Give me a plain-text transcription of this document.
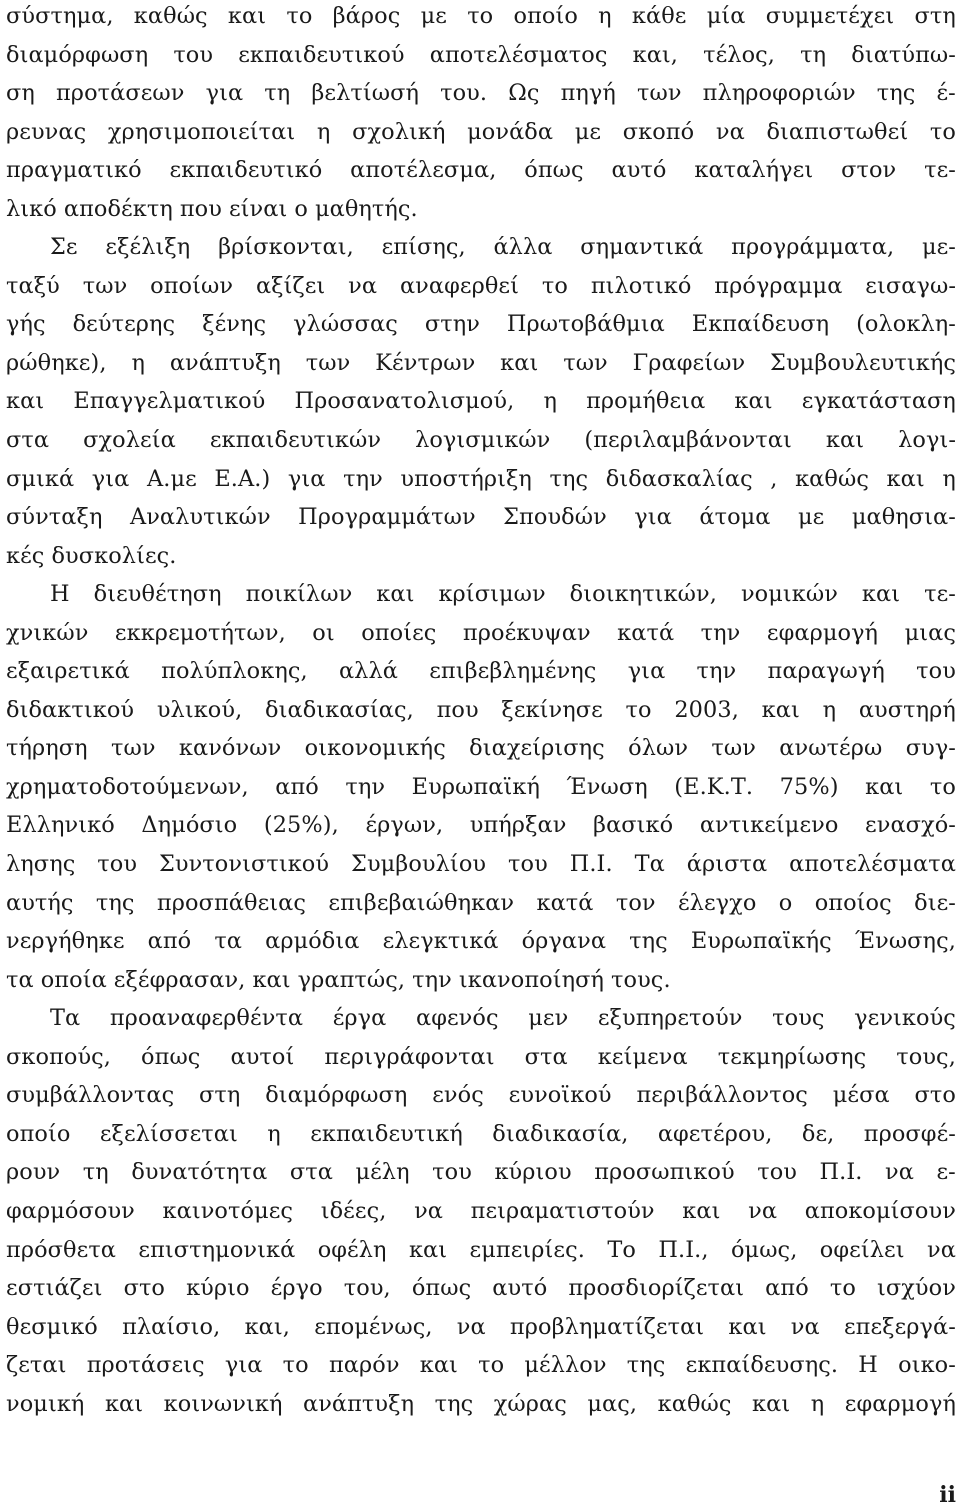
σύστημα, καθώς και το βάρος με το οποίο η κάθε μία συμμετέχει στη
διαμόρφωση του εκπαιδευτικού αποτελέσματος και, τέλος, τη διατύπω-
ση προτάσεων για τη βελτίωσή του. Ως πηγή των πληροφοριών της έ-
ρευνας χρησιμοποιείται η σχολική μονάδα με σκοπό να διαπιστωθεί το
πραγματικό εκπαιδευτικό αποτέλεσμα, όπως αυτό καταλήγει στον τε-
λικό αποδέκτη που είναι ο μαθητής.
Σε εξέλιξη βρίσκονται, επίσης, άλλα σημαντικά προγράμματα, με-
ταξύ των οποίων αξίζει να αναφερθεί το πιλοτικό πρόγραμμα εισαγω-
γής δεύτερης ξένης γλώσσας στην Πρωτοβάθμια Εκπαίδευση (ολοκλη-
ρώθηκε), η ανάπτυξη των Κέντρων και των Γραφείων Συμβουλευτικής
και Επαγγελματικού Προσανατολισμού, η προμήθεια και εγκατάσταση
στα σχολεία εκπαιδευτικών λογισμικών (περιλαμβάνονται και λογι-
σμικά για Α.με Ε.Α.) για την υποστήριξη της διδασκαλίας , καθώς και η
σύνταξη Αναλυτικών Προγραμμάτων Σπουδών για άτομα με μαθησια-
κές δυσκολίες.
Η διευθέτηση ποικίλων και κρίσιμων διοικητικών, νομικών και τε-
χνικών εκκρεμοτήτων, οι οποίες προέκυψαν κατά την εφαρμογή μιας
εξαιρετικά πολύπλοκης, αλλά επιβεβλημένης για την παραγωγή του
διδακτικού υλικού, διαδικασίας, που ξεκίνησε το 2003, και η αυστηρή
τήρηση των κανόνων οικονομικής διαχείρισης όλων των ανωτέρω συγ-
χρηματοδοτούμενων, από την Ευρωπαϊκή Ένωση (Ε.Κ.Τ. 75%) και το
Ελληνικό Δημόσιο (25%), έργων, υπήρξαν βασικό αντικείμενο ενασχό-
λησης του Συντονιστικού Συμβουλίου του Π.Ι. Τα άριστα αποτελέσματα
αυτής της προσπάθειας επιβεβαιώθηκαν κατά τον έλεγχο ο οποίος διε-
νεργήθηκε από τα αρμόδια ελεγκτικά όργανα της Ευρωπαϊκής Ένωσης,
τα οποία εξέφρασαν, και γραπτώς, την ικανοποίησή τους.
Τα προαναφερθέντα έργα αφενός μεν εξυπηρετούν τους γενικούς
σκοπούς, όπως αυτοί περιγράφονται στα κείμενα τεκμηρίωσης τους,
συμβάλλοντας στη διαμόρφωση ενός ευνοϊκού περιβάλλοντος μέσα στο
οποίο εξελίσσεται η εκπαιδευτική διαδικασία, αφετέρου, δε, προσφέ-
ρουν τη δυνατότητα στα μέλη του κύριου προσωπικού του Π.Ι. να ε-
φαρμόσουν καινοτόμες ιδέες, να πειραματιστούν και να αποκομίσουν
πρόσθετα επιστημονικά οφέλη και εμπειρίες. Το Π.Ι., όμως, οφείλει να
εστιάζει στο κύριο έργο του, όπως αυτό προσδιορίζεται από το ισχύον
θεσμικό πλαίσιο, και, επομένως, να προβληματίζεται και να επεξεργά-
ζεται προτάσεις για το παρόν και το μέλλον της εκπαίδευσης. Η οικο-
νομική και κοινωνική ανάπτυξη της χώρας μας, καθώς και η εφαρμογή
ii
